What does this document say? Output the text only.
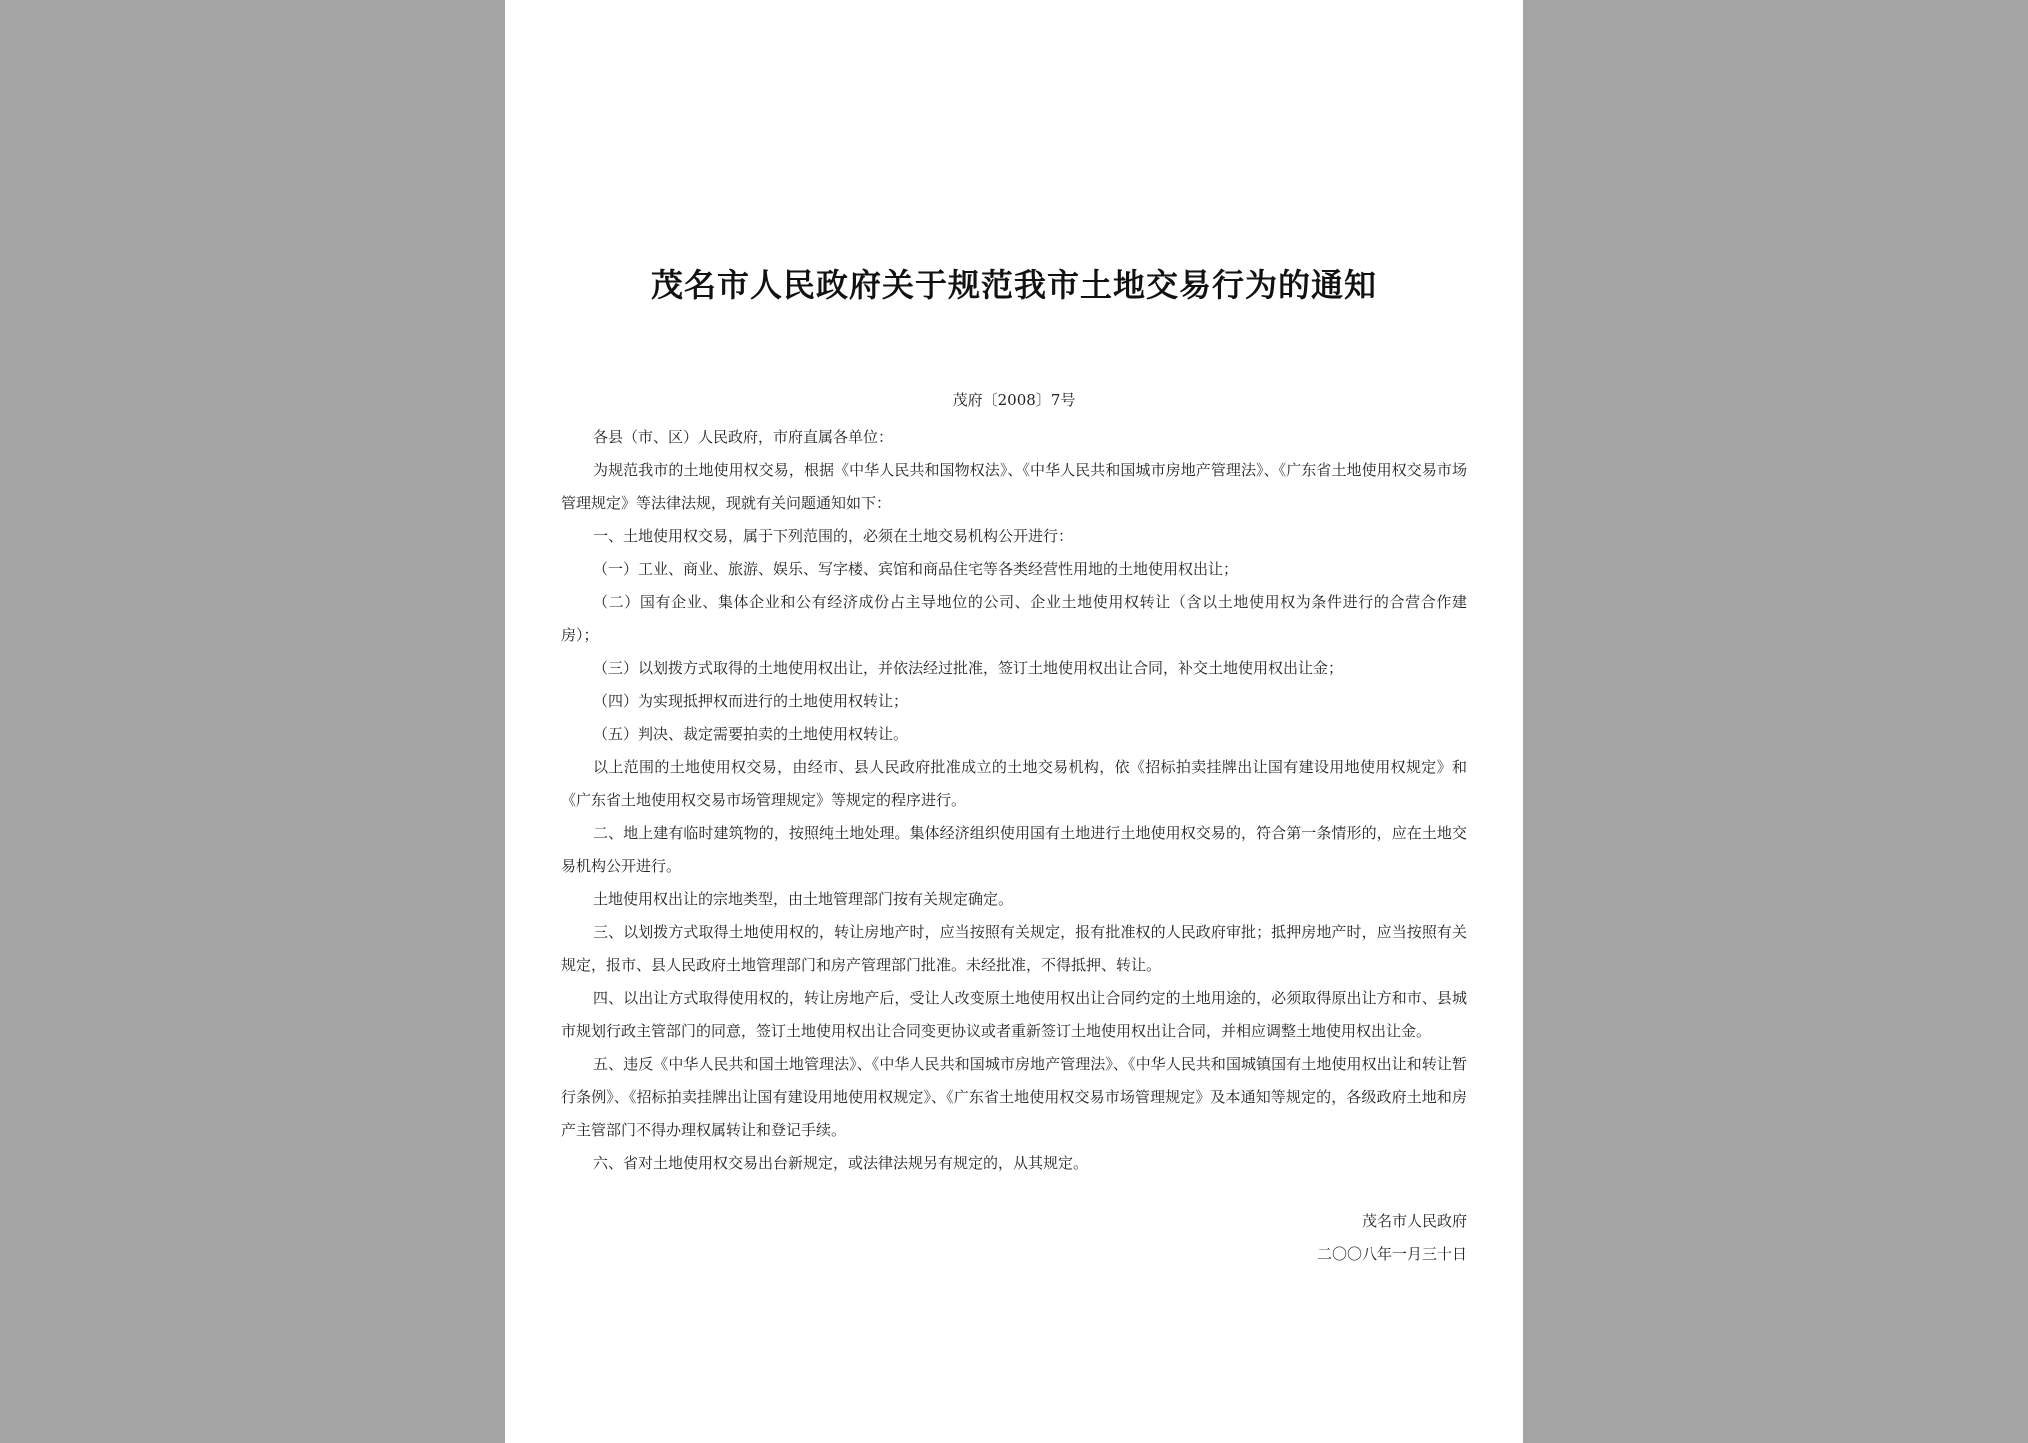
茂名市人民政府关于规范我市土地交易行为的通知
茂府〔2008〕7号

各县（市、区）人民政府，市府直属各单位：

为规范我市的土地使用权交易，根据《中华人民共和国物权法》、《中华人民共和国城市房地产管理法》、《广东省土地使用权交易市场管理规定》等法律法规，现就有关问题通知如下：

一、土地使用权交易，属于下列范围的，必须在土地交易机构公开进行：

（一）工业、商业、旅游、娱乐、写字楼、宾馆和商品住宅等各类经营性用地的土地使用权出让；

（二）国有企业、集体企业和公有经济成份占主导地位的公司、企业土地使用权转让（含以土地使用权为条件进行的合营合作建房）；

（三）以划拨方式取得的土地使用权出让，并依法经过批准，签订土地使用权出让合同，补交土地使用权出让金；

（四）为实现抵押权而进行的土地使用权转让；

（五）判决、裁定需要拍卖的土地使用权转让。

以上范围的土地使用权交易，由经市、县人民政府批准成立的土地交易机构，依《招标拍卖挂牌出让国有建设用地使用权规定》和《广东省土地使用权交易市场管理规定》等规定的程序进行。

二、地上建有临时建筑物的，按照纯土地处理。集体经济组织使用国有土地进行土地使用权交易的，符合第一条情形的，应在土地交易机构公开进行。

土地使用权出让的宗地类型，由土地管理部门按有关规定确定。

三、以划拨方式取得土地使用权的，转让房地产时，应当按照有关规定，报有批准权的人民政府审批；抵押房地产时，应当按照有关规定，报市、县人民政府土地管理部门和房产管理部门批准。未经批准，不得抵押、转让。

四、以出让方式取得使用权的，转让房地产后，受让人改变原土地使用权出让合同约定的土地用途的，必须取得原出让方和市、县城市规划行政主管部门的同意，签订土地使用权出让合同变更协议或者重新签订土地使用权出让合同，并相应调整土地使用权出让金。

五、违反《中华人民共和国土地管理法》、《中华人民共和国城市房地产管理法》、《中华人民共和国城镇国有土地使用权出让和转让暂行条例》、《招标拍卖挂牌出让国有建设用地使用权规定》、《广东省土地使用权交易市场管理规定》及本通知等规定的，各级政府土地和房产主管部门不得办理权属转让和登记手续。

六、省对土地使用权交易出台新规定，或法律法规另有规定的，从其规定。

茂名市人民政府
二〇〇八年一月三十日
